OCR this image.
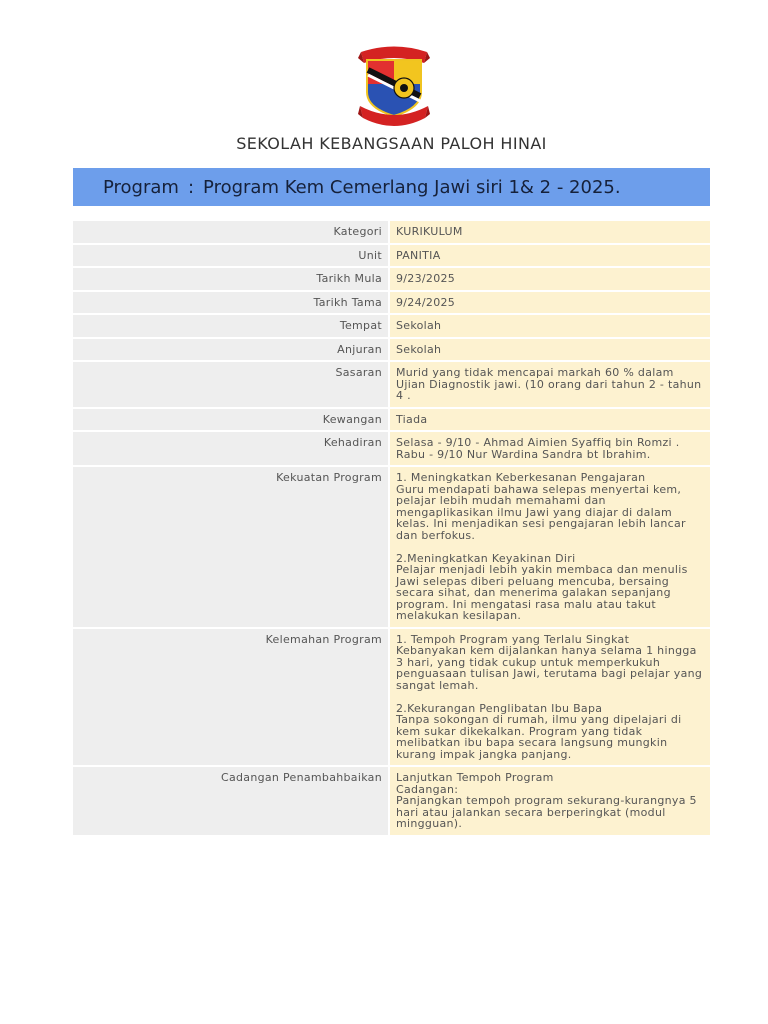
SEKOLAH KEBANGSAAN PALOH HINAI
Program : Program Kem Cemerlang Jawi siri 1& 2 - 2025.
Kategori	KURIKULUM
Unit	PANITIA
Tarikh Mula	9/23/2025
Tarikh Tama	9/24/2025
Tempat	Sekolah
Anjuran	Sekolah
Sasaran	Murid yang tidak mencapai markah 60 % dalam Ujian Diagnostik jawi. (10 orang dari tahun 2 - tahun 4 .
Kewangan	Tiada
Kehadiran	Selasa - 9/10 - Ahmad Aimien Syaffiq bin Romzi .
Rabu - 9/10 Nur Wardina Sandra bt Ibrahim.
Kekuatan Program	1. Meningkatkan Keberkesanan Pengajaran
Guru mendapati bahawa selepas menyertai kem, pelajar lebih mudah memahami dan mengaplikasikan ilmu Jawi yang diajar di dalam kelas. Ini menjadikan sesi pengajaran lebih lancar dan berfokus.

2.Meningkatkan Keyakinan Diri
Pelajar menjadi lebih yakin membaca dan menulis Jawi selepas diberi peluang mencuba, bersaing secara sihat, dan menerima galakan sepanjang program. Ini mengatasi rasa malu atau takut melakukan kesilapan.
Kelemahan Program	1. Tempoh Program yang Terlalu Singkat
Kebanyakan kem dijalankan hanya selama 1 hingga 3 hari, yang tidak cukup untuk memperkukuh penguasaan tulisan Jawi, terutama bagi pelajar yang sangat lemah.

2.Kekurangan Penglibatan Ibu Bapa
Tanpa sokongan di rumah, ilmu yang dipelajari di kem sukar dikekalkan. Program yang tidak melibatkan ibu bapa secara langsung mungkin kurang impak jangka panjang.
Cadangan Penambahbaikan	Lanjutkan Tempoh Program
Cadangan:
Panjangkan tempoh program sekurang-kurangnya 5 hari atau jalankan secara berperingkat (modul mingguan).
